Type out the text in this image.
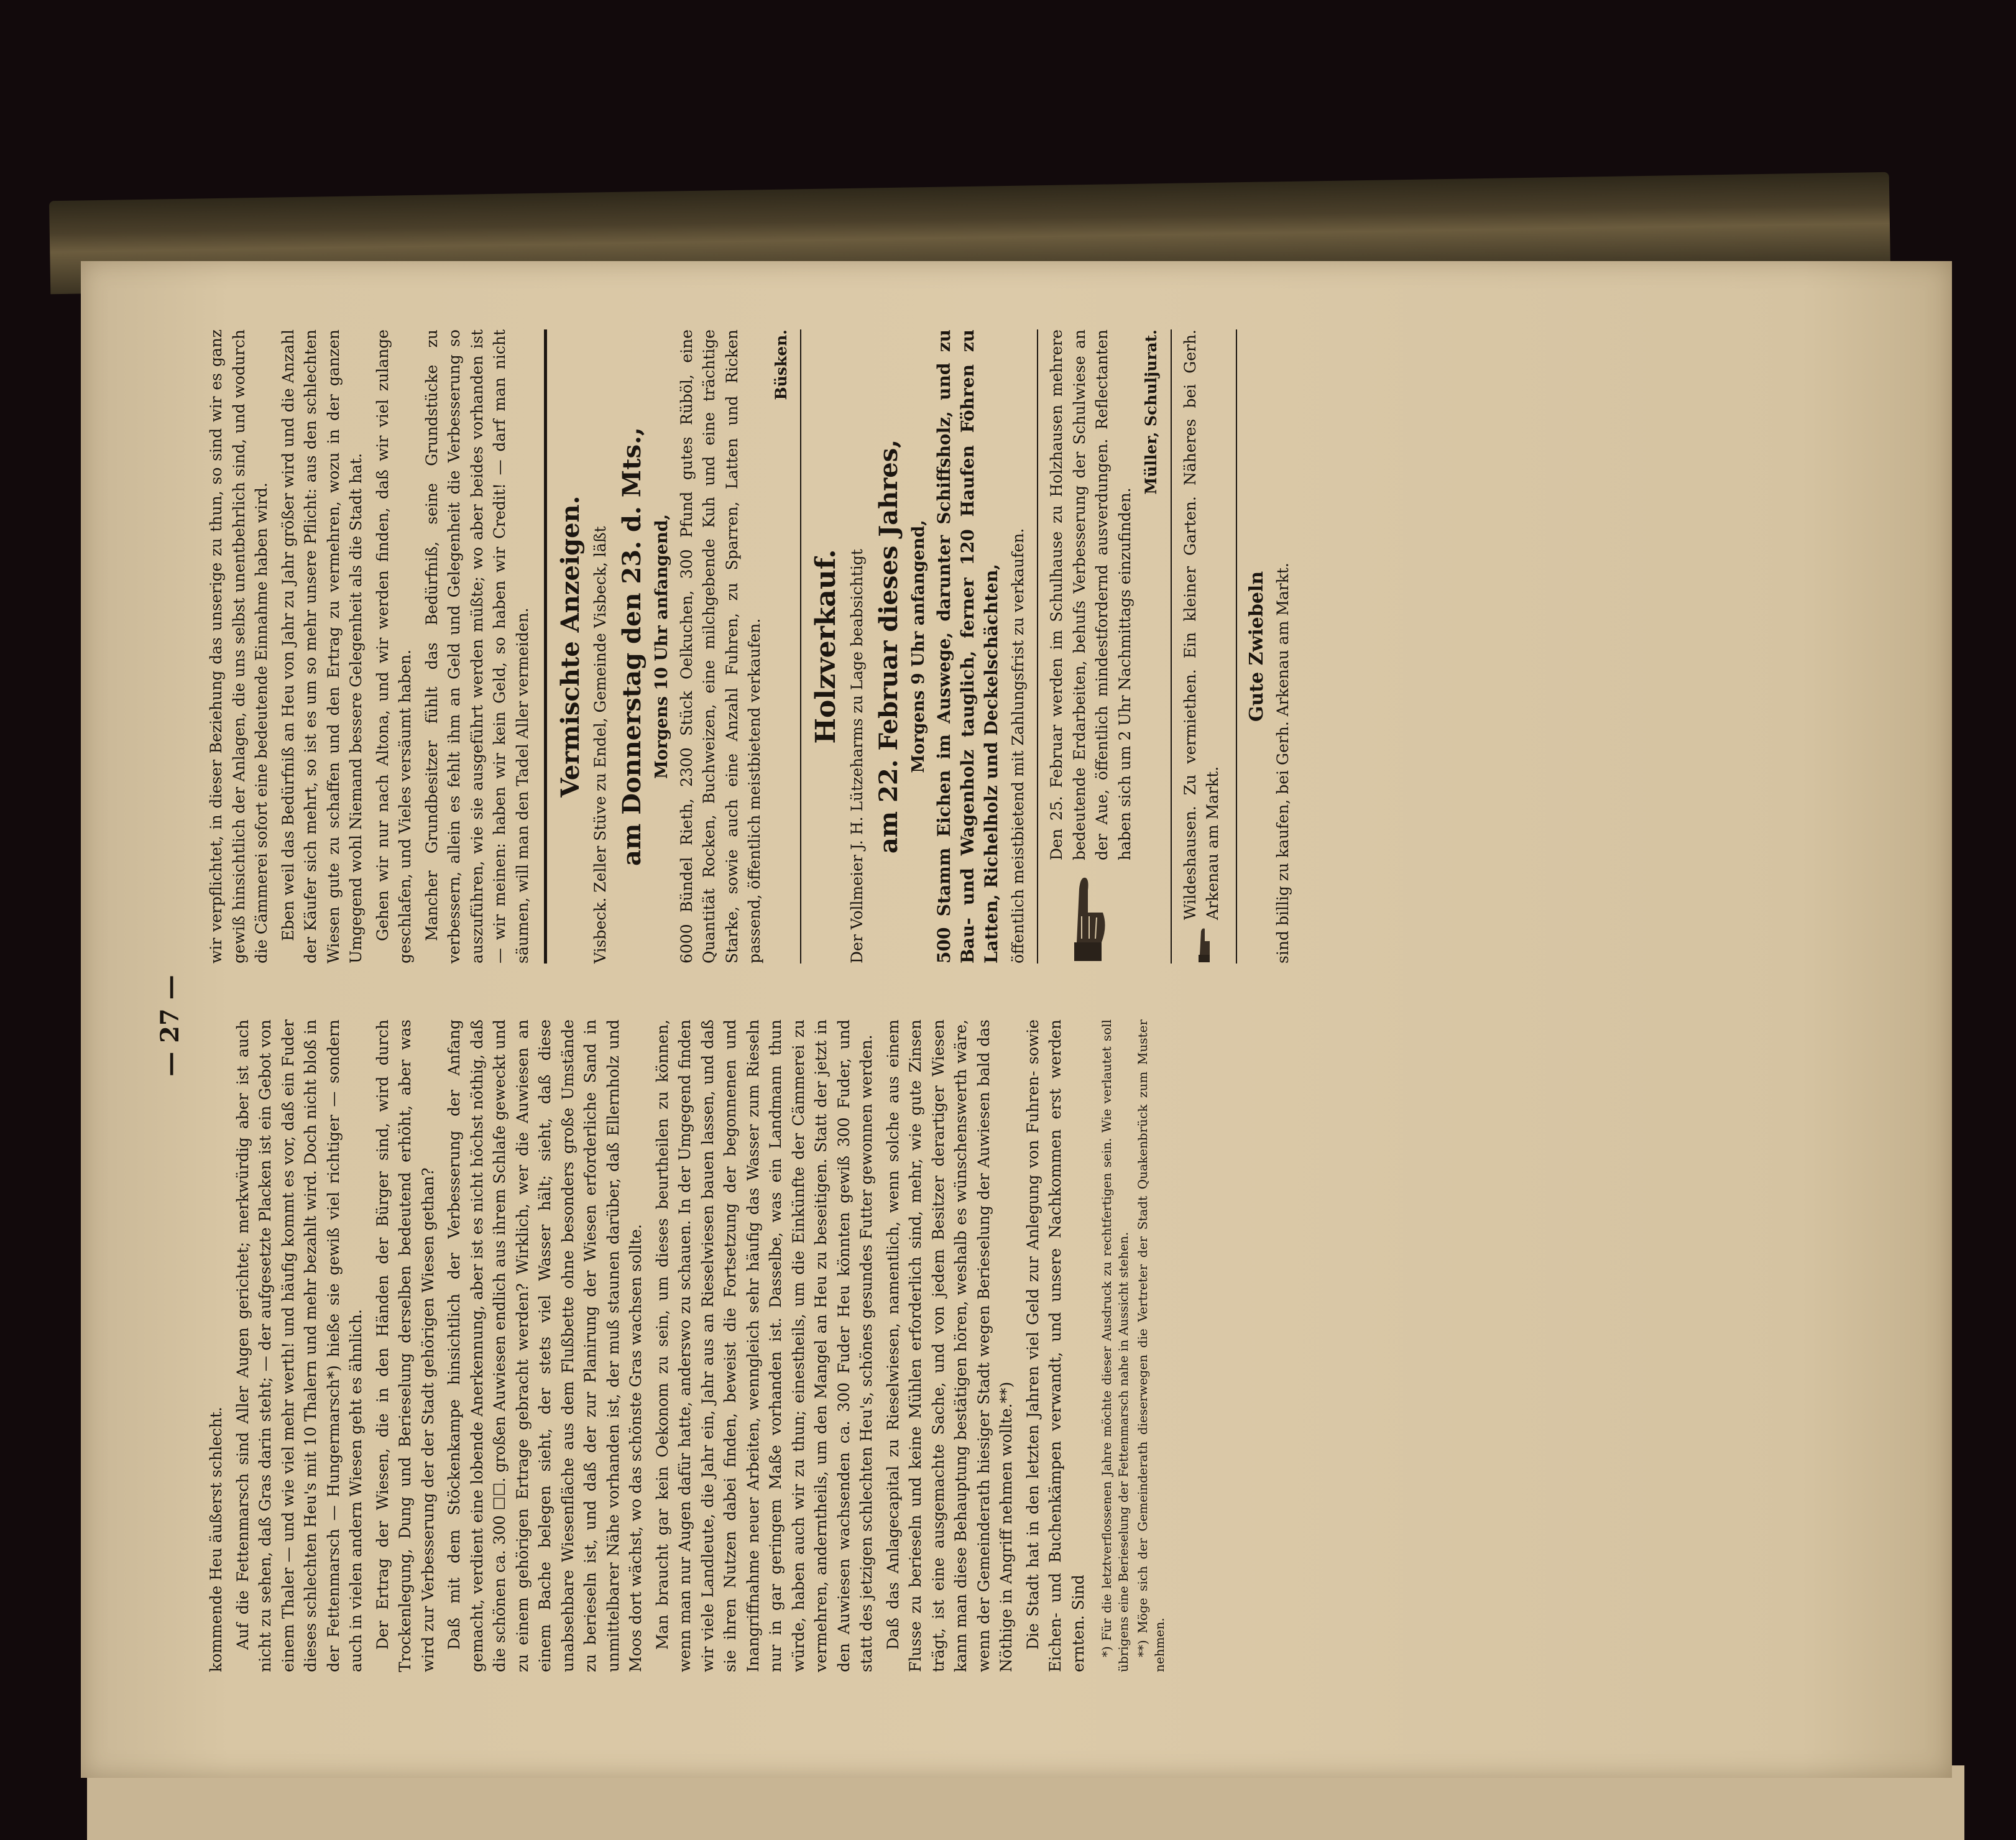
— 27 —

kommende Heu äußerst schlecht. Auf die Fettenmarsch sind Aller Augen gerichtet; merkwürdig aber ist auch nicht zu sehen, daß Gras darin steht; — der aufgesetzte Placken ist ein Gebot von einem Thaler — und wie viel mehr werth! und häufig kommt es vor, daß ein Fuder dieses schlechten Heu's mit 10 Thalern und mehr bezahlt wird. Doch nicht bloß in der Fettenmarsch — Hungermarsch*) hieße sie gewiß viel richtiger — sondern auch in vielen andern Wiesen geht es ähnlich. Der Ertrag der Wiesen, die in den Händen der Bürger sind, wird durch Trockenlegung, Dung und Berieselung derselben bedeutend erhöht, aber was wird zur Verbesserung der der Stadt gehörigen Wiesen gethan? Daß mit dem Stöckenkampe hinsichtlich der Verbesserung der Anfang gemacht, verdient eine lobende Anerkennung, aber ist es nicht höchst nöthig, daß die schönen ca. 300 ☐☐. großen Auwiesen endlich aus ihrem Schlafe geweckt und zu einem gehörigen Ertrage gebracht werden? Wirklich, wer die Auwiesen an einem Bache belegen sieht, der stets viel Wasser hält; sieht, daß diese unabsehbare Wiesenfläche aus dem Flußbette ohne besonders große Umstände zu berieseln ist, und daß der zur Planirung der Wiesen erforderliche Sand in unmittelbarer Nähe vorhanden ist, der muß staunen darüber, daß Ellernholz und Moos dort wächst, wo das schönste Gras wachsen sollte. Man braucht gar kein Oekonom zu sein, um dieses beurtheilen zu können, wenn man nur Augen dafür hatte, anderswo zu schauen. In der Umgegend finden wir viele Landleute, die Jahr ein, Jahr aus an Rieselwiesen bauen lassen, und daß sie ihren Nutzen dabei finden, beweist die Fortsetzung der begonnenen und Inangriffnahme neuer Arbeiten, wenngleich sehr häufig das Wasser zum Rieseln nur in gar geringem Maße vorhanden ist. Dasselbe, was ein Landmann thun würde, haben auch wir zu thun; einestheils, um die Einkünfte der Cämmerei zu vermehren, anderntheils, um den Mangel an Heu zu beseitigen. Statt der jetzt in den Auwiesen wachsenden ca. 300 Fuder Heu könnten gewiß 300 Fuder, und statt des jetzigen schlechten Heu's, schönes gesundes Futter gewonnen werden. Daß das Anlagecapital zu Rieselwiesen, namentlich, wenn solche aus einem Flusse zu berieseln und keine Mühlen erforderlich sind, mehr, wie gute Zinsen trägt, ist eine ausgemachte Sache, und von jedem Besitzer derartiger Wiesen kann man diese Behauptung bestätigen hören, weshalb es wünschenswerth wäre, wenn der Gemeinderath hiesiger Stadt wegen Berieselung der Auwiesen bald das Nöthige in Angriff nehmen wollte.**) Die Stadt hat in den letzten Jahren viel Geld zur Anlegung von Fuhren- sowie Eichen- und Buchenkämpen verwandt, und unsere Nachkommen erst werden ernten. Sind *) Für die letztverflossenen Jahre möchte dieser Ausdruck zu rechtfertigen sein. Wie verlautet soll übrigens eine Berieselung der Fettenmarsch nahe in Aussicht stehen. **) Möge sich der Gemeinderath dieserwegen die Vertreter der Stadt Quakenbrück zum Muster nehmen.

wir verpflichtet, in dieser Beziehung das unserige zu thun, so sind wir es ganz gewiß hinsichtlich der Anlagen, die uns selbst unentbehrlich sind, und wodurch die Cämmerei sofort eine bedeutende Einnahme haben wird. Eben weil das Bedürfniß an Heu von Jahr zu Jahr größer wird und die Anzahl der Käufer sich mehrt, so ist es um so mehr unsere Pflicht: aus den schlechten Wiesen gute zu schaffen und den Ertrag zu vermehren, wozu in der ganzen Umgegend wohl Niemand bessere Gelegenheit als die Stadt hat. Gehen wir nur nach Altona, und wir werden finden, daß wir viel zulange geschlafen, und Vieles versäumt haben. Mancher Grundbesitzer fühlt das Bedürfniß, seine Grundstücke zu verbessern, allein es fehlt ihm an Geld und Gelegenheit die Verbesserung so auszuführen, wie sie ausgeführt werden müßte; wo aber beides vorhanden ist — wir meinen: haben wir kein Geld, so haben wir Credit! — darf man nicht säumen, will man den Tadel Aller vermeiden. Vermischte Anzeigen. Visbeck. Zeller Stüve zu Endel, Gemeinde Visbeck, läßt am Donnerstag den 23. d. Mts., Morgens 10 Uhr anfangend, 6000 Bündel Rieth, 2300 Stück Oelkuchen, 300 Pfund gutes Rüböl, eine Quantität Rocken, Buchweizen, eine milchgebende Kuh und eine trächtige Starke, sowie auch eine Anzahl Fuhren, zu Sparren, Latten und Ricken passend, öffentlich meistbietend verkaufen.

Büsken.
Holzverkauf. Der Vollmeier J. H. Lützeharms zu Lage beabsichtigt am 22. Februar dieses Jahres, Morgens 9 Uhr anfangend, 500 Stamm Eichen im Auswege, darunter Schiffsholz, und zu Bau- und Wagenholz tauglich, ferner 120 Haufen Föhren zu Latten, Richelholz und Deckelschächten, öffentlich meistbietend mit Zahlungsfrist zu verkaufen. Den 25. Februar werden im Schulhause zu Holzhausen mehrere bedeutende Erdarbeiten, behufs Verbesserung der Schulwiese an der Aue, öffentlich mindestfordernd ausverdungen. Reflectanten haben sich um 2 Uhr Nachmittags einzufinden.

Müller, Schuljurat. Wildeshausen. Zu vermiethen. Ein kleiner Garten. Näheres bei Gerh. Arkenau am Markt.

Gute Zwiebeln sind billig zu kaufen, bei Gerh. Arkenau am Markt.
